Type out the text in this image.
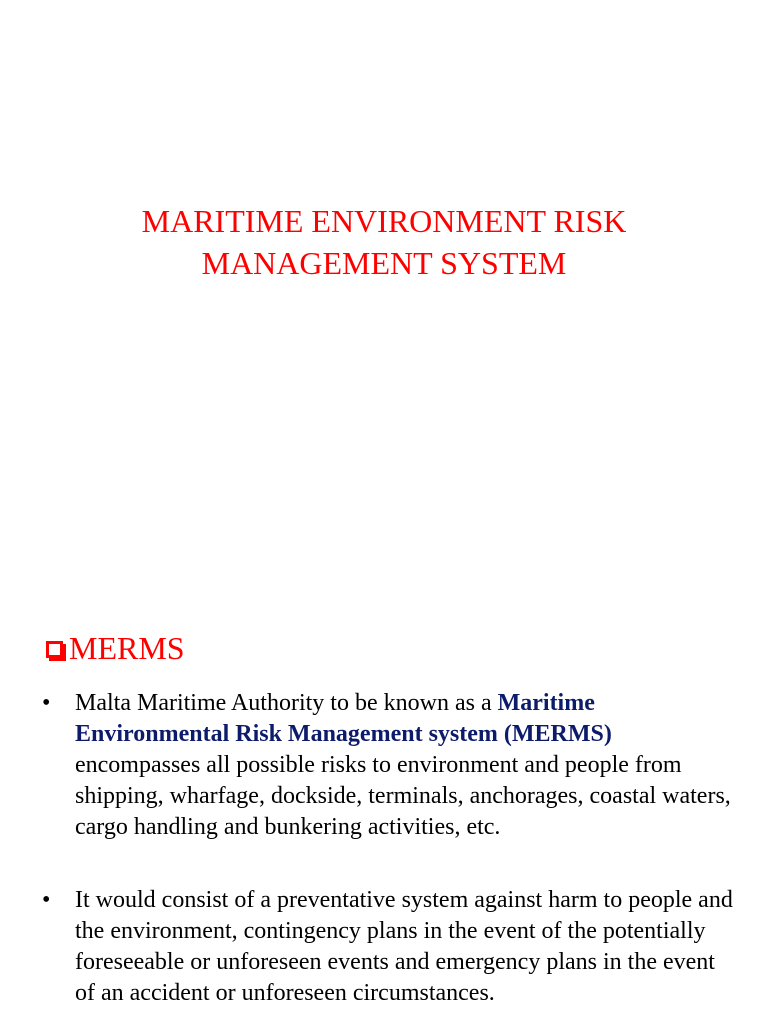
MARITIME ENVIRONMENT RISK
MANAGEMENT SYSTEM
MERMS
• Malta Maritime Authority to be known as a Maritime Environmental Risk Management system (MERMS) encompasses all possible risks to environment and people from shipping, wharfage, dockside, terminals, anchorages, coastal waters, cargo handling and bunkering activities, etc.
• It would consist of a preventative system against harm to people and the environment, contingency plans in the event of the potentially foreseeable or unforeseen events and emergency plans in the event of an accident or unforeseen circumstances.
